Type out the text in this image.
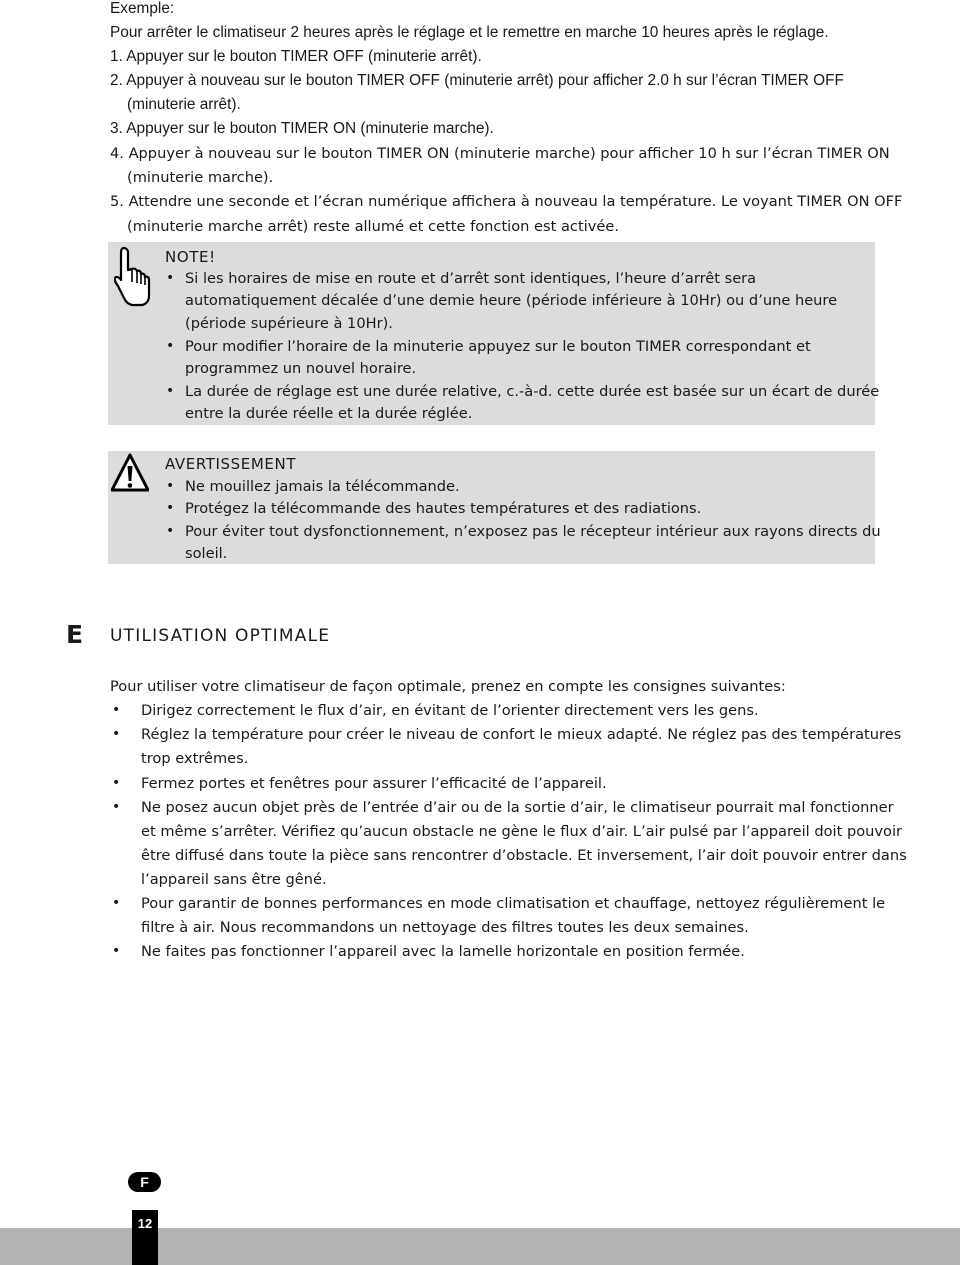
Exemple:
Pour arrêter le climatiseur 2 heures après le réglage et le remettre en marche 10 heures après le réglage.
1. Appuyer sur le bouton TIMER OFF (minuterie arrêt).
2. Appuyer à nouveau sur le bouton TIMER OFF (minuterie arrêt) pour afficher 2.0 h sur l’écran TIMER OFF
(minuterie arrêt).
3. Appuyer sur le bouton TIMER ON (minuterie marche).
4. Appuyer à nouveau sur le bouton TIMER ON (minuterie marche) pour afficher 10 h sur l’écran TIMER ON
(minuterie marche).
5. Attendre une seconde et l’écran numérique affichera à nouveau la température. Le voyant TIMER ON OFF
(minuterie marche arrêt) reste allumé et cette fonction est activée.
NOTE!
• Si les horaires de mise en route et d’arrêt sont identiques, l’heure d’arrêt sera
automatiquement décalée d’une demie heure (période inférieure à 10Hr) ou d’une heure
(période supérieure à 10Hr).
• Pour modifier l’horaire de la minuterie appuyez sur le bouton TIMER correspondant et
programmez un nouvel horaire.
• La durée de réglage est une durée relative, c.-à-d. cette durée est basée sur un écart de durée
entre la durée réelle et la durée réglée.
AVERTISSEMENT
• Ne mouillez jamais la télécommande.
• Protégez la télécommande des hautes températures et des radiations.
• Pour éviter tout dysfonctionnement, n’exposez pas le récepteur intérieur aux rayons directs du
soleil.
E UTILISATION OPTIMALE
Pour utiliser votre climatiseur de façon optimale, prenez en compte les consignes suivantes:
•	Dirigez correctement le flux d’air, en évitant de l’orienter directement vers les gens.
•	Réglez la température pour créer le niveau de confort le mieux adapté. Ne réglez pas des températures
trop extrêmes.
•	Fermez portes et fenêtres pour assurer l’efficacité de l’appareil.
•	Ne posez aucun objet près de l’entrée d’air ou de la sortie d’air, le climatiseur pourrait mal fonctionner
et même s’arrêter. Vérifiez qu’aucun obstacle ne gène le flux d’air. L’air pulsé par l’appareil doit pouvoir
être diffusé dans toute la pièce sans rencontrer d’obstacle. Et inversement, l’air doit pouvoir entrer dans
l’appareil sans être gêné.
•	Pour garantir de bonnes performances en mode climatisation et chauffage, nettoyez régulièrement le
filtre à air. Nous recommandons un nettoyage des filtres toutes les deux semaines.
•	Ne faites pas fonctionner l’appareil avec la lamelle horizontale en position fermée.
F
12
